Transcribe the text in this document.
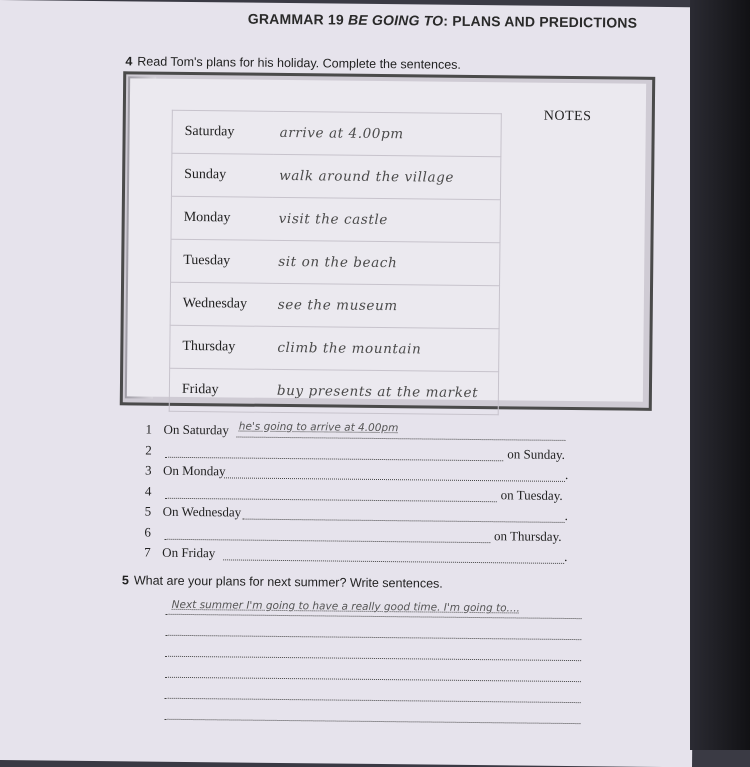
GRAMMAR 19 BE GOING TO: PLANS AND PREDICTIONS
4 Read Tom's plans for his holiday. Complete the sentences.
NOTES
Saturday	arrive at 4.00pm
Sunday	walk around the village
Monday	visit the castle
Tuesday	sit on the beach
Wednesday	see the museum
Thursday	climb the mountain
Friday	buy presents at the market
1 On Saturday he's going to arrive at 4.00pm
2	on Sunday.
3 On Monday	.
4	on Tuesday.
5 On Wednesday	.
6	on Thursday.
7 On Friday	.
5 What are your plans for next summer? Write sentences.
Next summer I'm going to have a really good time. I'm going to....
